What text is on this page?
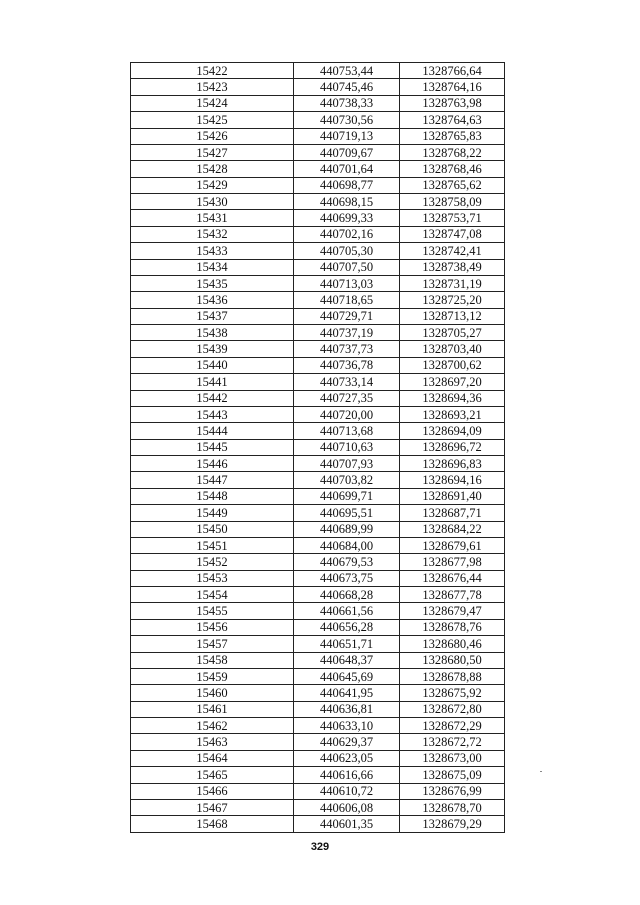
15422	440753,44	1328766,64
15423	440745,46	1328764,16
15424	440738,33	1328763,98
15425	440730,56	1328764,63
15426	440719,13	1328765,83
15427	440709,67	1328768,22
15428	440701,64	1328768,46
15429	440698,77	1328765,62
15430	440698,15	1328758,09
15431	440699,33	1328753,71
15432	440702,16	1328747,08
15433	440705,30	1328742,41
15434	440707,50	1328738,49
15435	440713,03	1328731,19
15436	440718,65	1328725,20
15437	440729,71	1328713,12
15438	440737,19	1328705,27
15439	440737,73	1328703,40
15440	440736,78	1328700,62
15441	440733,14	1328697,20
15442	440727,35	1328694,36
15443	440720,00	1328693,21
15444	440713,68	1328694,09
15445	440710,63	1328696,72
15446	440707,93	1328696,83
15447	440703,82	1328694,16
15448	440699,71	1328691,40
15449	440695,51	1328687,71
15450	440689,99	1328684,22
15451	440684,00	1328679,61
15452	440679,53	1328677,98
15453	440673,75	1328676,44
15454	440668,28	1328677,78
15455	440661,56	1328679,47
15456	440656,28	1328678,76
15457	440651,71	1328680,46
15458	440648,37	1328680,50
15459	440645,69	1328678,88
15460	440641,95	1328675,92
15461	440636,81	1328672,80
15462	440633,10	1328672,29
15463	440629,37	1328672,72
15464	440623,05	1328673,00
15465	440616,66	1328675,09
15466	440610,72	1328676,99
15467	440606,08	1328678,70
15468	440601,35	1328679,29
329
